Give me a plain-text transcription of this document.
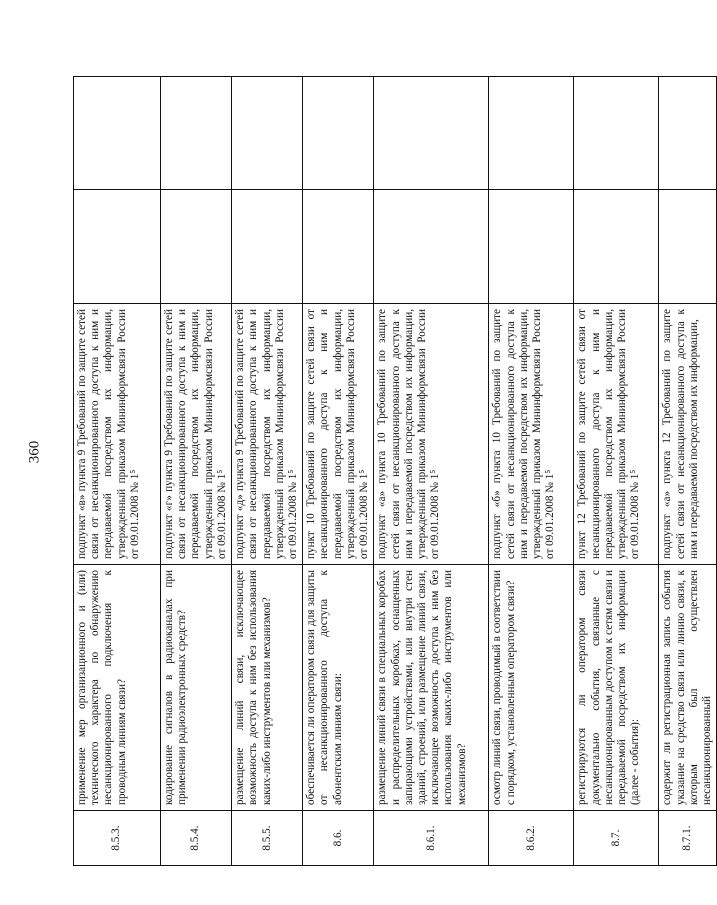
360
8.5.3.	применение мер организационного и (или) технического характера по обнаружению несанкционированного подключения к проводным линиям связи?	подпункт «в» пункта 9 Требований по защите сетей связи от несанкционированного доступа к ним и передаваемой посредством их информации, утвержденный приказом Мининформсвязи России от 09.01.2008 № 1⁵		
8.5.4.	кодирование сигналов в радиоканалах при применении радиоэлектронных средств?	подпункт «г» пункта 9 Требований по защите сетей связи от несанкционированного доступа к ним и передаваемой посредством их информации, утвержденный приказом Мининформсвязи России от 09.01.2008 № 1⁵		
8.5.5.	размещение линий связи, исключающее возможность доступа к ним без использования каких-либо инструментов или механизмов?	подпункт «д» пункта 9 Требований по защите сетей связи от несанкционированного доступа к ним и передаваемой посредством их информации, утвержденный приказом Мининформсвязи России от 09.01.2008 № 1⁵		
8.6.	обеспечивается ли оператором связи для защиты от несанкционированного доступа к абонентским линиям связи:	пункт 10 Требований по защите сетей связи от несанкционированного доступа к ним и передаваемой посредством их информации, утвержденный приказом Мининформсвязи России от 09.01.2008 № 1⁵		
8.6.1.	размещение линий связи в специальных коробах и распределительных коробках, оснащенных запирающими устройствами, или внутри стен зданий, строений, или размещение линий связи, исключающее возможность доступа к ним без использования каких-либо инструментов или механизмов?	подпункт «а» пункта 10 Требований по защите сетей связи от несанкционированного доступа к ним и передаваемой посредством их информации, утвержденный приказом Мининформсвязи России от 09.01.2008 № 1⁵		
8.6.2.	осмотр линий связи, проводимый в соответствии с порядком, установленным оператором связи?	подпункт «б» пункта 10 Требований по защите сетей связи от несанкционированного доступа к ним и передаваемой посредством их информации, утвержденный приказом Мининформсвязи России от 09.01.2008 № 1⁵		
8.7.	регистрируются ли оператором связи документально события, связанные с несанкционированным доступом к сетям связи и передаваемой посредством их информации (далее - события):	пункт 12 Требований по защите сетей связи от несанкционированного доступа к ним и передаваемой посредством их информации, утвержденный приказом Мининформсвязи России от 09.01.2008 № 1⁵		
8.7.1.	содержит ли регистрационная запись события указание на средство связи или линию связи, к которым был осуществлен несанкционированный	подпункт «а» пункта 12 Требований по защите сетей связи от несанкционированного доступа к ним и передаваемой посредством их информации,		
